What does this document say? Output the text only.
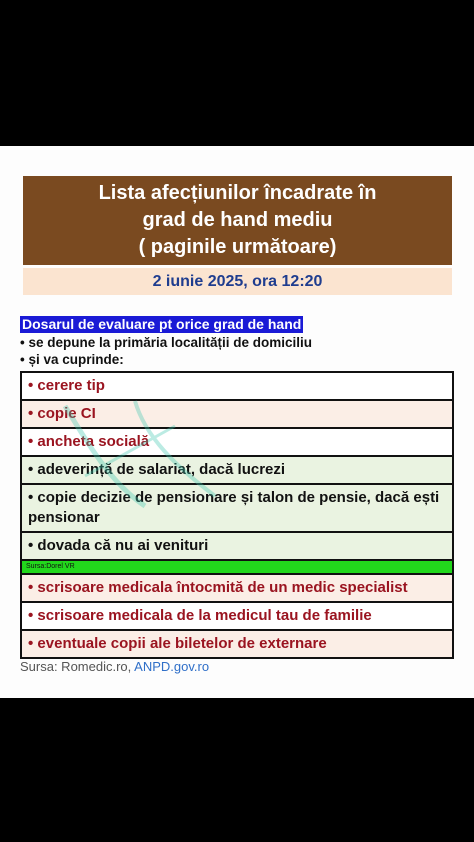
Lista afecțiunilor încadrate în
grad de hand mediu
( paginile următoare)
2 iunie 2025, ora 12:20
Dosarul de evaluare pt orice grad de hand
• se depune la primăria localității de domiciliu
• și va cuprinde:
• cerere tip
• copie CI
• ancheta socială
• adeverință de salariat, dacă lucrezi
• copie decizie de pensionare și talon de pensie, dacă ești pensionar
• dovada că nu ai venituri
Sursa:Dorel VR
• scrisoare medicala întocmită de un medic specialist
• scrisoare medicala de la medicul tau de familie
• eventuale copii ale biletelor de externare
Sursa: Romedic.ro, ANPD.gov.ro
